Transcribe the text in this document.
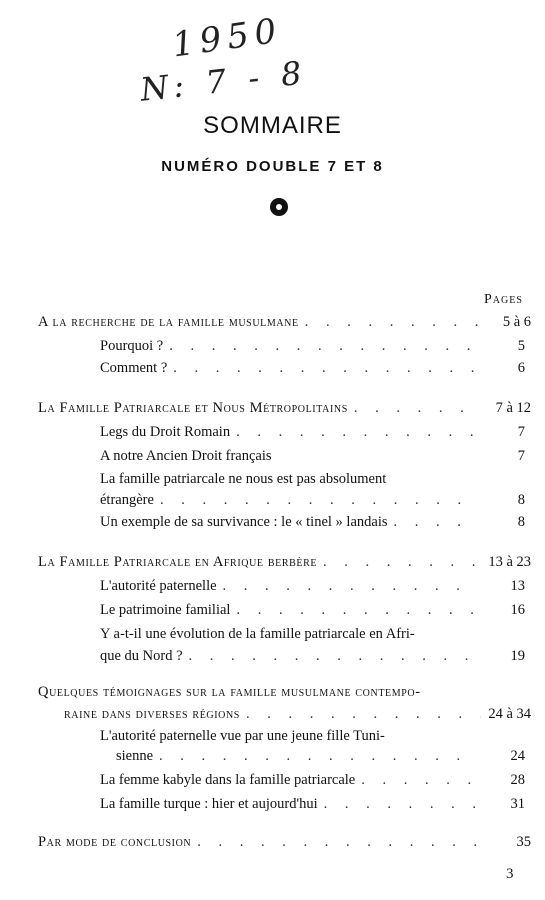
1950
N: 7 - 8
SOMMAIRE
NUMÉRO DOUBLE 7 ET 8
Pages
A la recherche de la famille musulmane . . .	5 à 6
Pourquoi ? . . .	5
Comment ? . . .	6
La Famille Patriarcale et Nous Métropolitains . . .	7 à 12
Legs du Droit Romain . . .	7
A notre Ancien Droit français	7
La famille patriarcale ne nous est pas absolument
étrangère . . .	8
Un exemple de sa survivance : le « tinel » landais . . .	8
La Famille Patriarcale en Afrique berbère . . .	13 à 23
L'autorité paternelle . . .	13
Le patrimoine familial . . .	16
Y a-t-il une évolution de la famille patriarcale en Afri-
que du Nord ? . . .	19
Quelques témoignages sur la famille musulmane contempo-
raine dans diverses régions . . .	24 à 34
L'autorité paternelle vue par une jeune fille Tuni-
sienne . . .	24
La femme kabyle dans la famille patriarcale . . .	28
La famille turque : hier et aujourd'hui . . .	31
Par mode de conclusion . . .	35
3
